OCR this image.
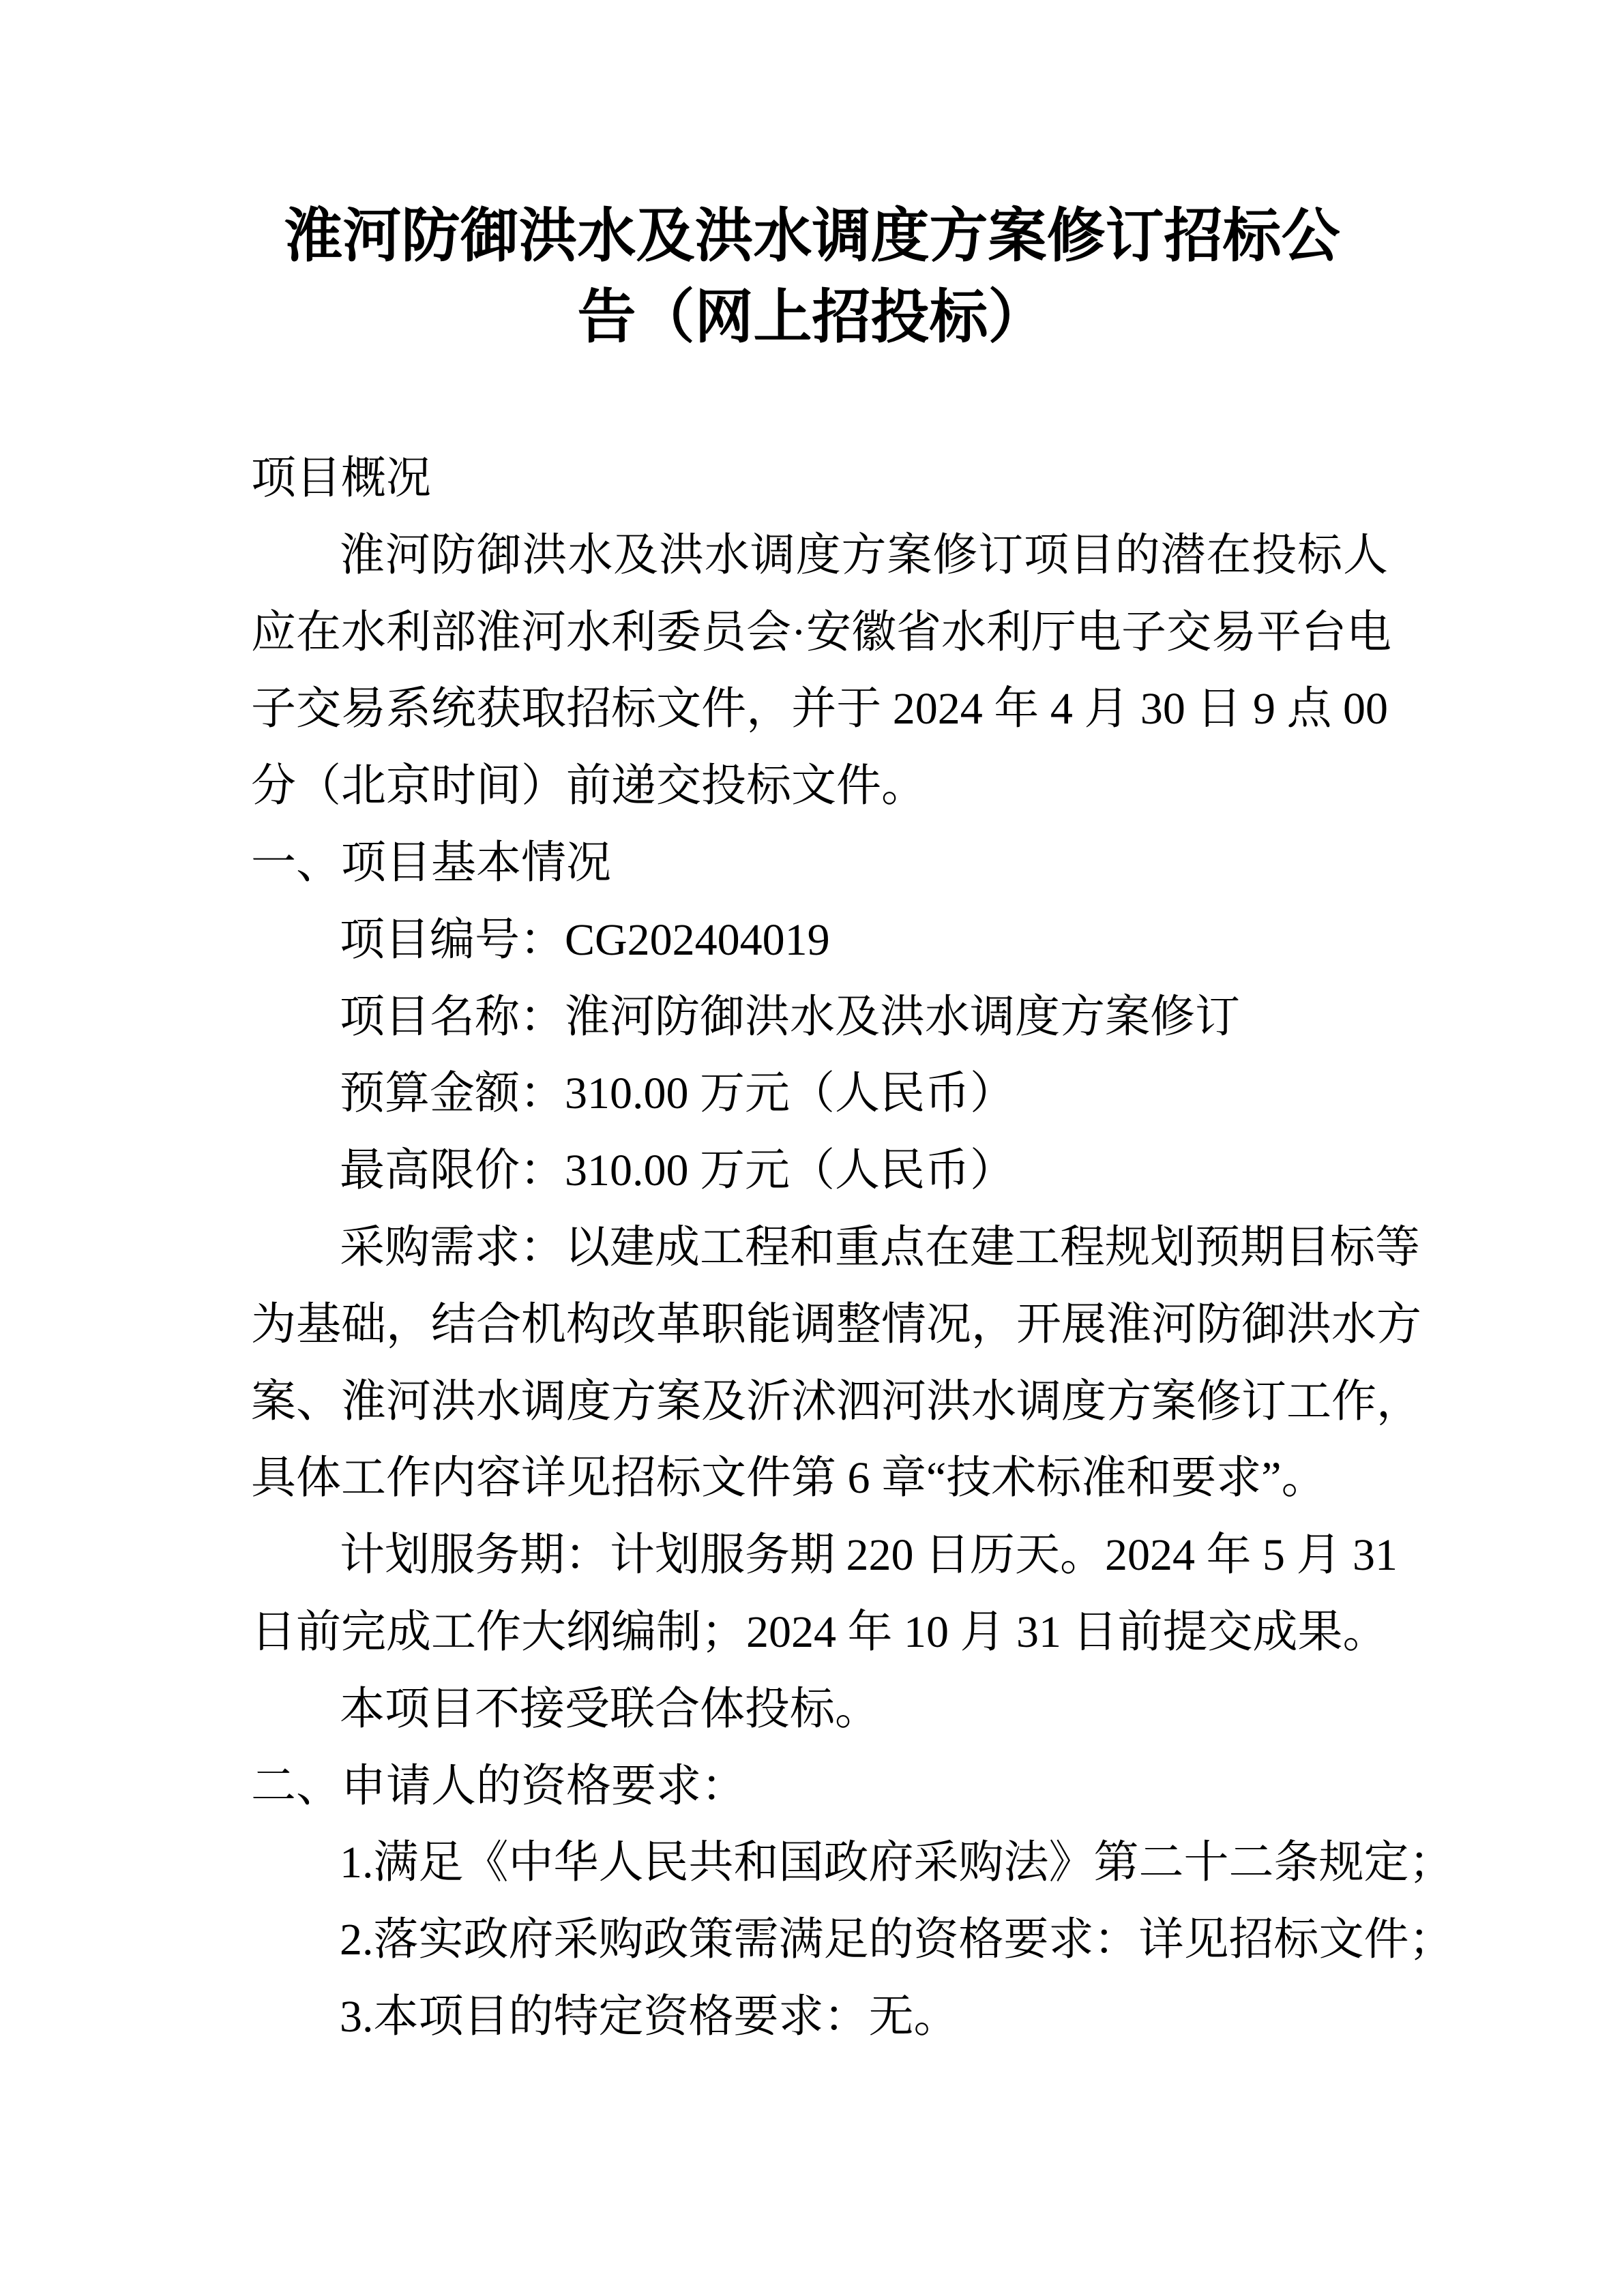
淮河防御洪水及洪水调度方案修订招标公
告（网上招投标）
项目概况
淮河防御洪水及洪水调度方案修订项目的潜在投标人
应在水利部淮河水利委员会·安徽省水利厅电子交易平台电
子交易系统获取招标文件，并于 2024 年 4 月 30 日 9 点 00
分（北京时间）前递交投标文件。
一、项目基本情况
项目编号：CG202404019
项目名称：淮河防御洪水及洪水调度方案修订
预算金额：310.00 万元（人民币）
最高限价：310.00 万元（人民币）
采购需求：以建成工程和重点在建工程规划预期目标等
为基础，结合机构改革职能调整情况，开展淮河防御洪水方
案、淮河洪水调度方案及沂沭泗河洪水调度方案修订工作，
具体工作内容详见招标文件第 6 章“技术标准和要求”。
计划服务期：计划服务期 220 日历天。2024 年 5 月 31
日前完成工作大纲编制；2024 年 10 月 31 日前提交成果。
本项目不接受联合体投标。
二、申请人的资格要求：
1.满足《中华人民共和国政府采购法》第二十二条规定；
2.落实政府采购政策需满足的资格要求：详见招标文件；
3.本项目的特定资格要求：无。
